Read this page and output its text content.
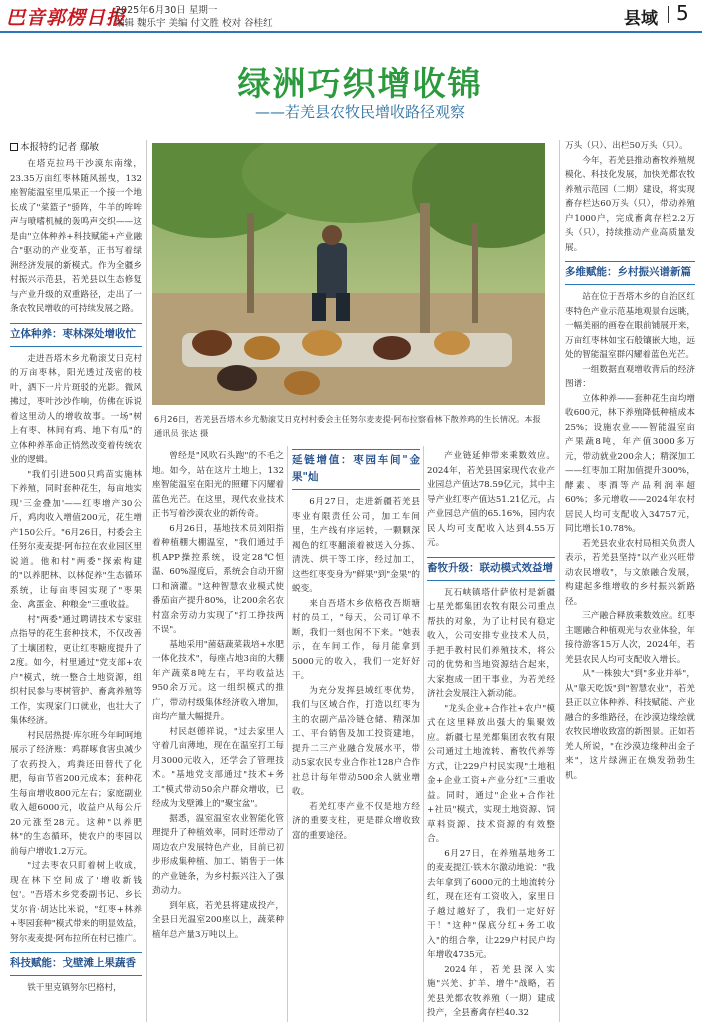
巴音郭楞日报
2025年6月30日 星期一
编辑 魏乐宇 美编 付文胜 校对 谷桂红	县域 5
绿洲巧织增收锦
——若羌县农牧民增收路径观察
本报特约记者 鄢敏

在塔克拉玛干沙漠东南缘，23.35万亩红枣林随风摇曳，132座智能温室里瓜果正一个接一个地长成了"菜篮子"骄阵，牛羊的哞哞声与喷嗜机械的轰鸣声交织——这是由"立体种养+科技赋能+产业融合"驱动的产业变革，正书写着绿洲经济发展的新模式。作为全疆乡村振兴示范县，若羌县以生态修复与产业升级的双重路径，走出了一条农牧民增收的可持续发展之路。

立体种养：枣林深处增收忙

走进吾塔木乡尤勒滚艾日克村的万亩枣林，阳光透过茂密的枝叶，洒下一片片斑驳的光影。微风拂过，枣叶沙沙作响，仿佛在诉说着这里动人的增收故事。一场"树上有枣、林间有鸡、地下有瓜"的立体种养革命正悄然改变着传统农业的逻辑。

"我们引进500只鸡苗实施林下养殖，同时套种花生，每亩地实现'三金叠加'——红枣增产30公斤，鸡肉收入增值200元，花生增产150公斤。"6月26日，村委会主任努尔麦麦提·阿布拉在农业园区里说道。他和村"两委"探索构建的"以养肥林、以林促养"生态循环系统，让每亩枣园实现了"枣果金、禽蛋金、种粮金"三重收益。

村"两委"通过聘请技术专家驻点指导的花生套种技术，不仅改善了土壤团粒，更让红枣糖度提升了2度。如今，村里通过"党支部+农户"模式，统一整合土地资源，组织村民参与枣树管护、畜禽养殖等工作，实现家门口就业，也壮大了集体经济。

村民居热提·库尔班今年呵呵地展示了经济账：鸡群啄食害虫减少了农药投入，鸡粪还田替代了化肥，每亩节省200元成本；套种花生每亩增收800元左右；家庭副业收入超6000元，收益户从每公斤20元涨至28元。这种"以养肥林"的生态循环，使农户的枣园以前每户增收1.2万元。

"过去枣农只盯着树上收成，现在林下空间成了'增收新钱包'。"吾塔木乡党委副书记、乡长艾尔肯·胡达比米说，"红枣+林养+枣园套种"模式带来的明显效益，努尔麦麦提·阿布拉所在村已推广。

科技赋能：戈壁滩上果蔬香

铁干里克镇努尔巴格村，

6月26日，若羌县吾塔木乡尤勒滚艾日克村村委会主任努尔麦麦提·阿布拉察看林下散养鸡的生长情况。本报通讯员 张达 摄

曾经是"风吹石头跑"的不毛之地。如今，站在这片土地上，132座智能温室在阳光的照耀下闪耀着蓝色光芒。在这里，现代农业技术正书写着沙漠农业的新传奇。

6月26日，基地技术员刘阳指着种植棚大棚温室，"我们通过手机APP操控系统，设定28℃恒温、60%湿度后，系统会自动开窗口和滴灌。"这种智慧农业模式使番茄亩产提升80%，让200余名农村富余劳动力实现了"打工挣技两不误"。

基地采用"菌菇蔬菜栽培+水肥一体化技术"，每座占地3亩的大棚年产蔬菜8吨左右，平均收益达950余万元。这一组织模式的推广，带动村级集体经济收入增加，亩均产量大幅提升。

村民赵德祥说，"过去家里人守着几亩薄地，现在在温室打工每月3000元收入，还学会了管理技术。"基地党支部通过"技术+务工"模式带动50余户群众增收，已经成为戈壁滩上的"聚宝盆"。

据悉，温室温室农业智能化管理提升了种植效率，同时还带动了周边农户发展特色产业，目前已初步形成集种植、加工、销售于一体的产业链条，为乡村振兴注入了强劲动力。

到年底，若羌县将建成投产，全县日光温室200座以上，蔬菜种植年总产量3万吨以上。

延链增值：枣园车间"金果"灿

6月27日，走进新疆若羌县枣业有限责任公司，加工车间里，生产线有序运转，一颗颗深褐色的红枣翻滚着被送入分拣、清洗、烘干等工序，经过加工，这些红枣变身为"鲜果"到"金果"的蜕变。

来自吾塔木乡依格孜吾斯塘村的员工，"每天，公司订单不断，我们一刻也闲不下来。"她表示，在车间工作，每月能拿到5000元的收入，我们一定好好干。

为充分发挥县域红枣优势，我们与区域合作，打造以红枣为主的农副产品冷链仓储、精深加工、平台销售及加工投资建地，提升二三产业融合发展水平，带动5家农民专业合作社128户合作社总计每年带动500余人就业增收。

若羌红枣产业不仅是地方经济的重要支柱，更是群众增收致富的重要途径。

产业链延伸带来乘数效应。2024年，若羌县国家现代农业产业园总产值达78.59亿元，其中主导产业红枣产值达51.21亿元，占产业园总产值的65.16%，园内农民人均可支配收入达到4.55万元。

畜牧升级：联动模式效益增

瓦石峡镇塔什萨依村是新疆七星羌都集团农牧有限公司重点帮扶的对象，为了让村民有稳定收入，公司安排专业技术人员，手把手教村民们养殖技术，将公司的优势和当地资源结合起来，大家抱成一团干事业，为若羌经济社会发展注入新动能。

"龙头企业+合作社+农户"模式在这里释放出强大的集聚效应。新疆七星羌都集团农牧有限公司通过土地流转、畜牧代养等方式，让229户村民实现"土地租金+企业工资+产业分红"三重收益。同时，通过"企业+合作社+社员"模式，实现土地资源、饲草料资源、技术资源的有效整合。

6月27日，在养殖基地务工的麦麦提江·铁木尔激动地说："我去年拿到了6000元的土地流转分红，现在还有工资收入，家里日子越过越好了，我们一定好好干！"这种"保底分红+务工收入"的组合拳，让229户村民户均年增收4735元。

2024年，若羌县深入实施"兴羌、扩羊、增牛"战略，若羌县羌都农牧养殖（一期）建成投产，全县畜禽存栏40.32

万头（只）、出栏50万头（只）。

今年，若羌县推动畜牧养殖规模化、科技化发展，加快羌都农牧养殖示范园（二期）建设，将实现畜存栏达60万头（只），带动养殖户1000户，完成畜禽存栏2.2万头（只），持续推动产业高质量发展。

多维赋能：乡村振兴谱新篇

站在位于吾塔木乡的自治区红枣特色产业示范基地观景台远眺，一幅美丽的画卷在眼前铺展开来，万亩红枣林如宝石般镶嵌大地，远处的智能温室群闪耀着蓝色光芒。

一组数据直观增收背后的经济图谱：

立体种养——套种花生亩均增收600元，林下养殖降低种植成本25%；设施农业——智能温室亩产果蔬8吨，年产值3000多万元，带动就业200余人；精深加工——红枣加工附加值提升300%，酵素、枣酒等产品利润率超60%；多元增收——2024年农村居民人均可支配收入34757元，同比增长10.78%。

若羌县农业农村局相关负责人表示，若羌县坚持"以产业兴旺带动农民增收"，与文旅融合发展，构建起多维增收的乡村振兴新路径。

三产融合释放乘数效应。红枣主题融合种植观光与农业体验，年接待游客15万人次，2024年，若羌县农民人均可支配收入增长。

从"一株独大"到"多业并举"，从"靠天吃饭"到"智慧农业"，若羌县正以立体种养、科技赋能、产业融合的多维路径，在沙漠边缘绘就农牧民增收致富的新图景。正如若羌人所说，"在沙漠边缘种出金子来"，这片绿洲正在焕发勃勃生机。
